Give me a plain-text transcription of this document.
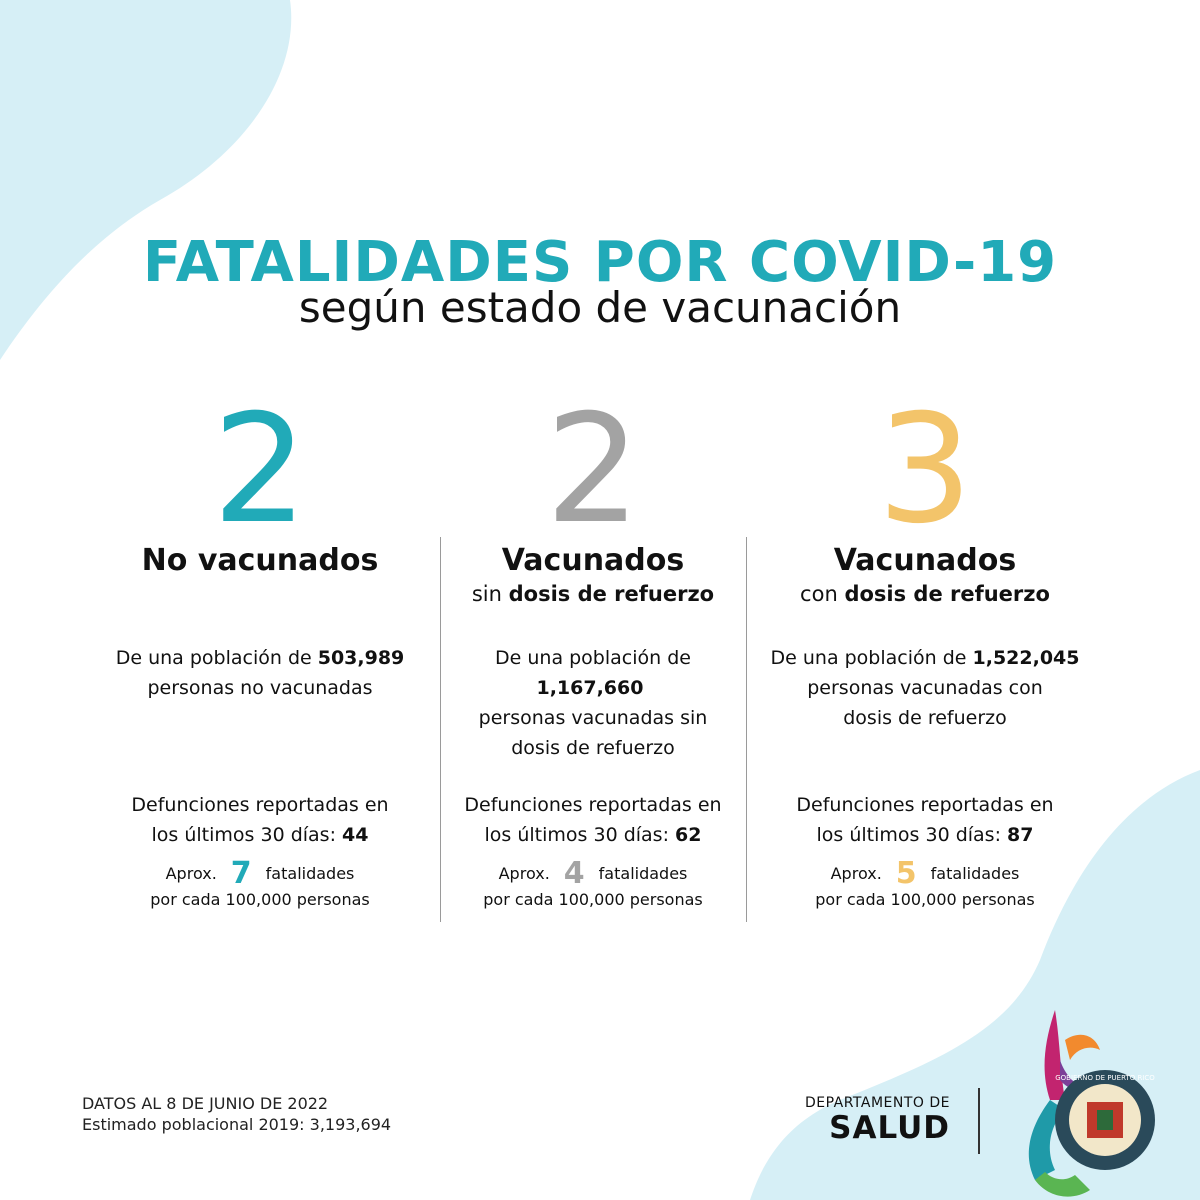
FATALIDADES POR COVID-19
según estado de vacunación
2
No vacunados
De una población de 503,989
personas no vacunadas
Defunciones reportadas en
los últimos 30 días: 44
Aprox. 7 fatalidades
por cada 100,000 personas
2
Vacunados
sin dosis de refuerzo
De una población de
1,167,660  personas vacunadas sin dosis de refuerzo
Defunciones reportadas en
los últimos 30 días: 62
Aprox. 4 fatalidades
por cada 100,000 personas
3
Vacunados
con dosis de refuerzo
De una población de 1,522,045
personas vacunadas con dosis de refuerzo
Defunciones reportadas en
los últimos 30 días: 87
Aprox. 5 fatalidades
por cada 100,000 personas
DATOS AL 8 DE JUNIO DE 2022
Estimado poblacional 2019: 3,193,694
DEPARTAMENTO DE
SALUD
GOBIERNO DE PUERTO RICO
